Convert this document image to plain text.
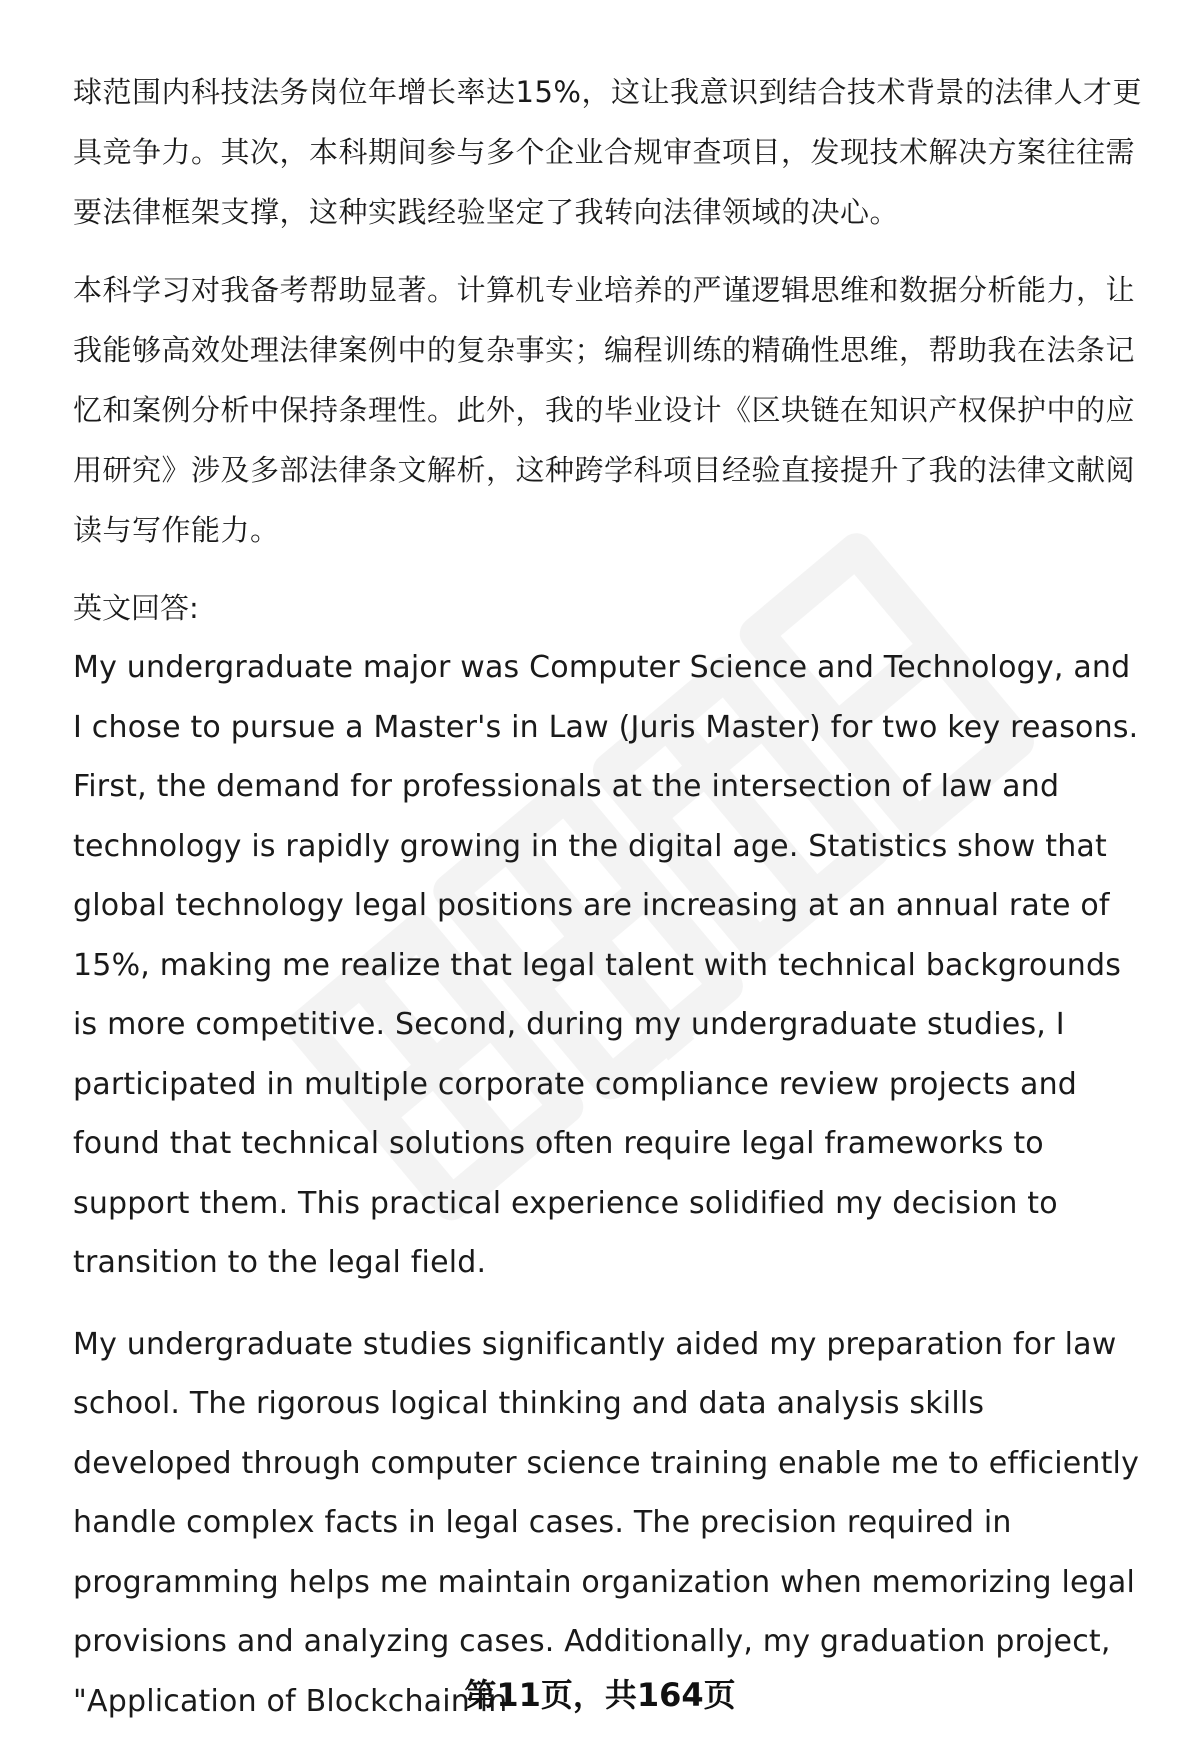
球范围内科技法务岗位年增长率达15%，这让我意识到结合技术背景的法律人才更具竞争力。其次，本科期间参与多个企业合规审查项目，发现技术解决方案往往需要法律框架支撑，这种实践经验坚定了我转向法律领域的决心。

本科学习对我备考帮助显著。计算机专业培养的严谨逻辑思维和数据分析能力，让我能够高效处理法律案例中的复杂事实；编程训练的精确性思维，帮助我在法条记忆和案例分析中保持条理性。此外，我的毕业设计《区块链在知识产权保护中的应用研究》涉及多部法律条文解析，这种跨学科项目经验直接提升了我的法律文献阅读与写作能力。

英文回答:

My undergraduate major was Computer Science and Technology, and I chose to pursue a Master's in Law (Juris Master) for two key reasons. First, the demand for professionals at the intersection of law and technology is rapidly growing in the digital age. Statistics show that global technology legal positions are increasing at an annual rate of 15%, making me realize that legal talent with technical backgrounds is more competitive. Second, during my undergraduate studies, I participated in multiple corporate compliance review projects and found that technical solutions often require legal frameworks to support them. This practical experience solidified my decision to transition to the legal field.

My undergraduate studies significantly aided my preparation for law school. The rigorous logical thinking and data analysis skills developed through computer science training enable me to efficiently handle complex facts in legal cases. The precision required in programming helps me maintain organization when memorizing legal provisions and analyzing cases. Additionally, my graduation project, "Application of Blockchain in

第11页，共164页
